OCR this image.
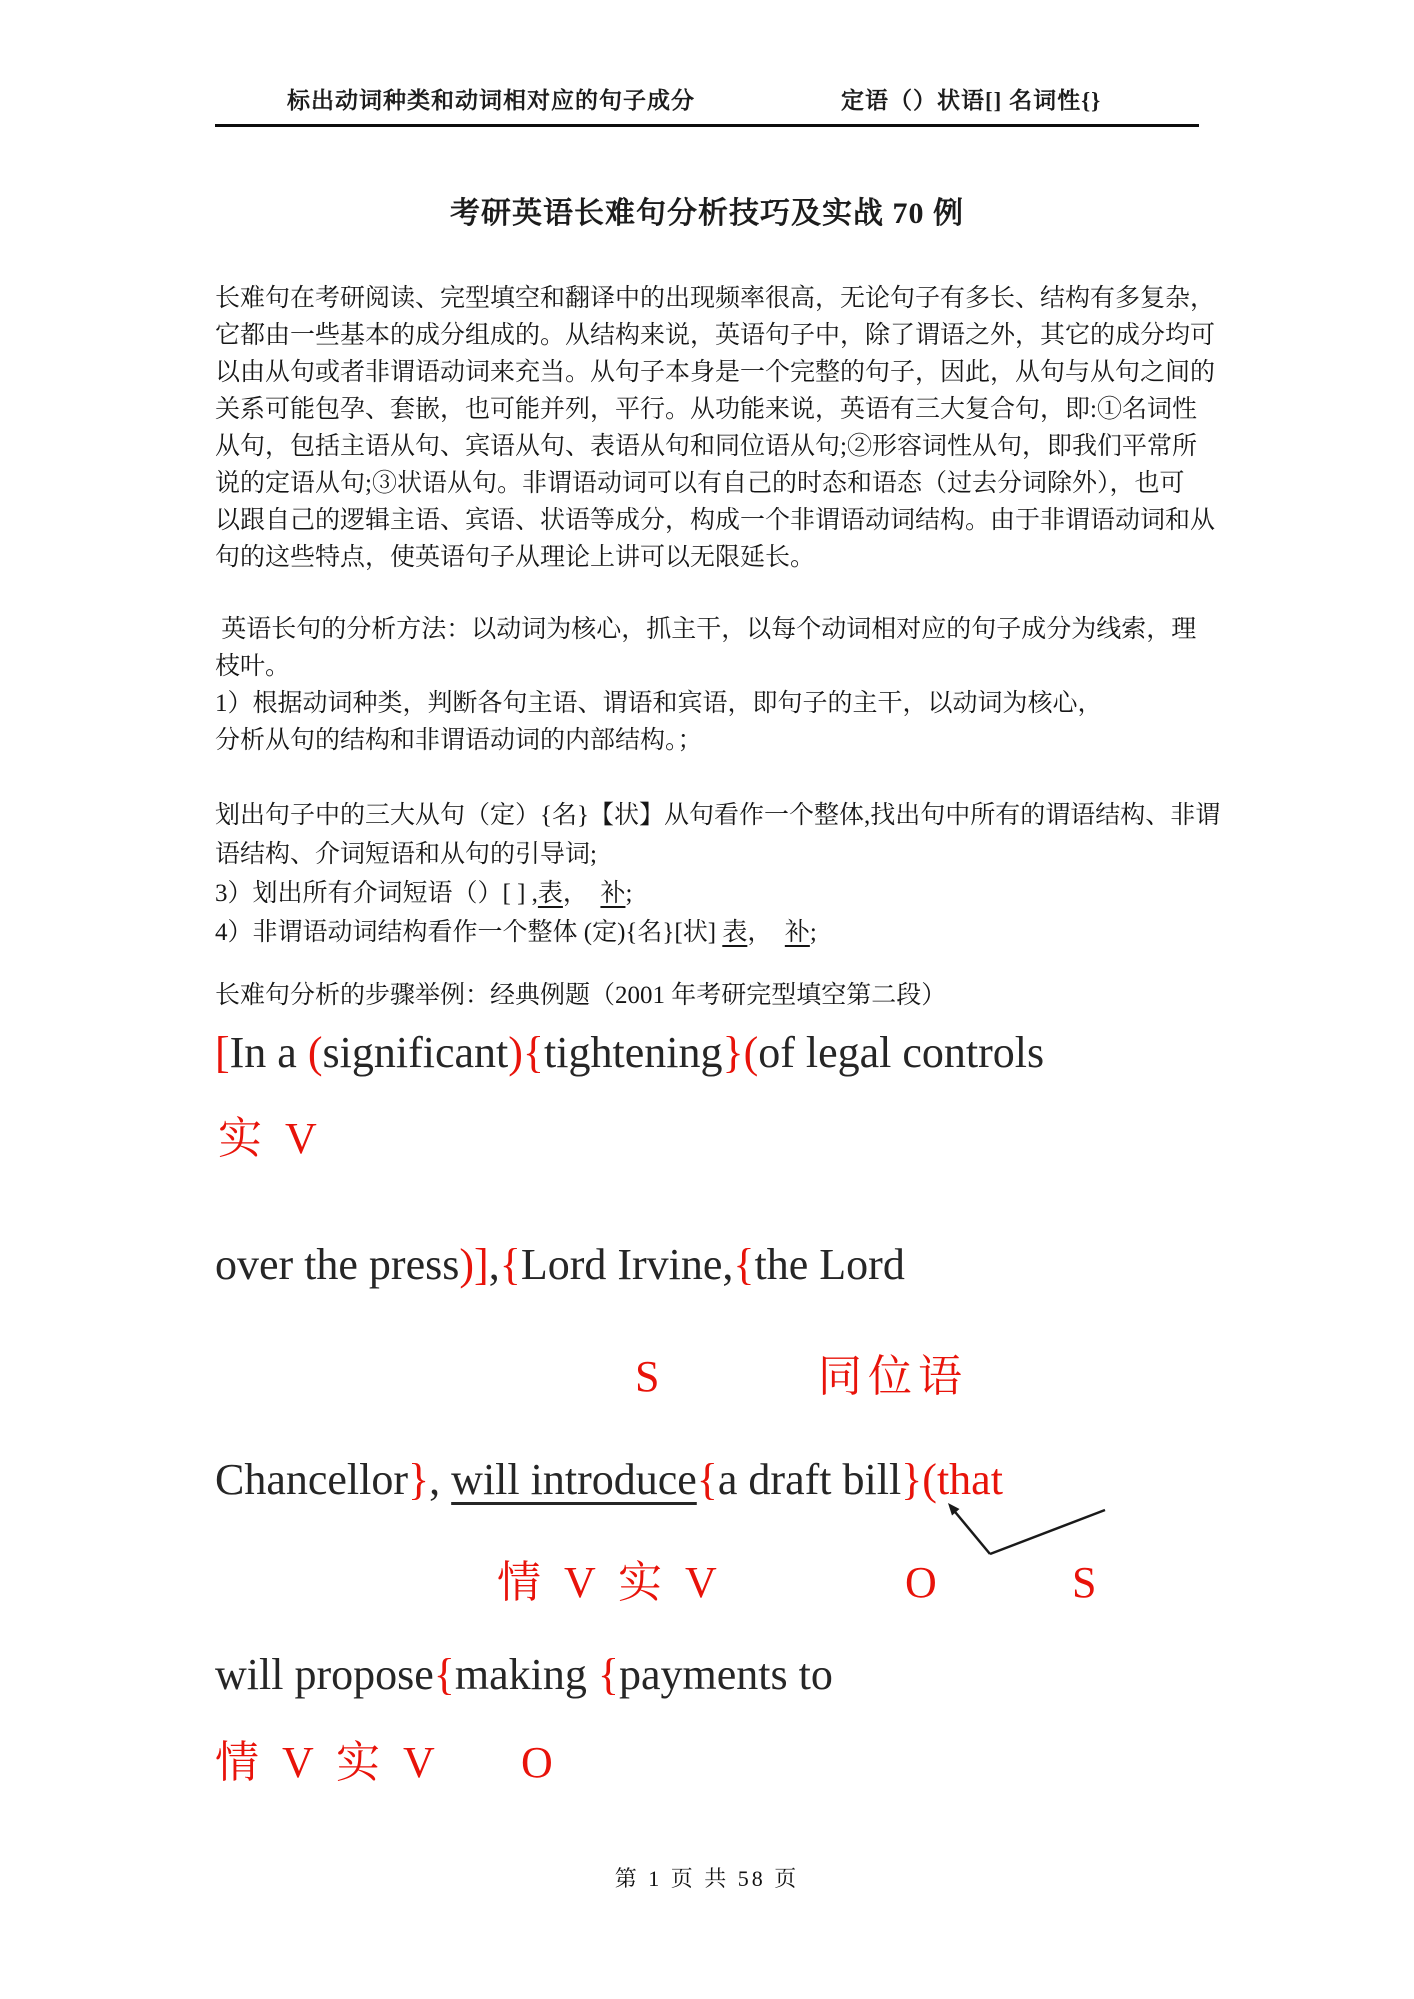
标出动词种类和动词相对应的句子成分	定语（）状语[] 名词性{}
考研英语长难句分析技巧及实战 70 例
长难句在考研阅读、完型填空和翻译中的出现频率很高，无论句子有多长、结构有多复杂，
它都由一些基本的成分组成的。从结构来说，英语句子中，除了谓语之外，其它的成分均可
以由从句或者非谓语动词来充当。从句子本身是一个完整的句子，因此，从句与从句之间的
关系可能包孕、套嵌，也可能并列，平行。从功能来说，英语有三大复合句，即:①名词性
从句，包括主语从句、宾语从句、表语从句和同位语从句;②形容词性从句，即我们平常所
说的定语从句;③状语从句。非谓语动词可以有自己的时态和语态（过去分词除外），也可
以跟自己的逻辑主语、宾语、状语等成分，构成一个非谓语动词结构。由于非谓语动词和从
句的这些特点，使英语句子从理论上讲可以无限延长。
英语长句的分析方法：以动词为核心，抓主干，以每个动词相对应的句子成分为线索，理
枝叶。
1）根据动词种类，判断各句主语、谓语和宾语，即句子的主干，以动词为核心，
分析从句的结构和非谓语动词的内部结构。；
划出句子中的三大从句（定）{名}【状】从句看作一个整体,找出句中所有的谓语结构、非谓
语结构、介词短语和从句的引导词;
3）划出所有介词短语（）[ ] ,表，　补;
4）非谓语动词结构看作一个整体 (定){名}[状] 表，　补;
长难句分析的步骤举例：经典例题（2001 年考研完型填空第二段）
[In a (significant){tightening}(of legal controls
实 V
over the press)],{Lord Irvine,{the Lord
S	同位语
Chancellor}, will introduce{a draft bill}(that
情 V 实 V	O	S
will propose{making {payments to
情 V 实 V O
第 1 页 共 58 页
